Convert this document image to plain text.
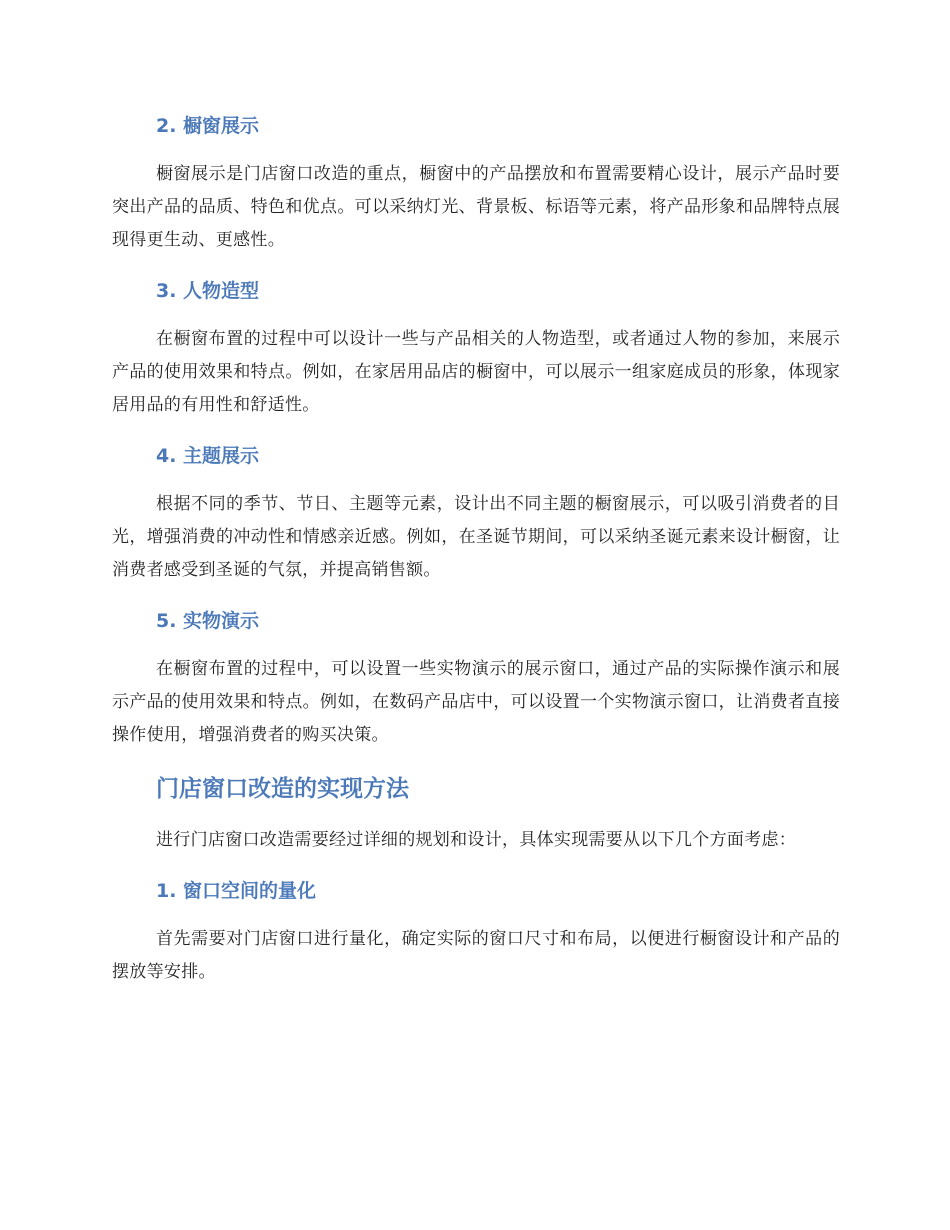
2. 橱窗展示

橱窗展示是门店窗口改造的重点，橱窗中的产品摆放和布置需要精心设计，展示产品时要突出产品的品质、特色和优点。可以采纳灯光、背景板、标语等元素，将产品形象和品牌特点展现得更生动、更感性。

3. 人物造型

在橱窗布置的过程中可以设计一些与产品相关的人物造型，或者通过人物的参加，来展示产品的使用效果和特点。例如，在家居用品店的橱窗中，可以展示一组家庭成员的形象，体现家居用品的有用性和舒适性。

4. 主题展示

根据不同的季节、节日、主题等元素，设计出不同主题的橱窗展示，可以吸引消费者的目光，增强消费的冲动性和情感亲近感。例如，在圣诞节期间，可以采纳圣诞元素来设计橱窗，让消费者感受到圣诞的气氛，并提高销售额。

5. 实物演示

在橱窗布置的过程中，可以设置一些实物演示的展示窗口，通过产品的实际操作演示和展示产品的使用效果和特点。例如，在数码产品店中，可以设置一个实物演示窗口，让消费者直接操作使用，增强消费者的购买决策。

门店窗口改造的实现方法

进行门店窗口改造需要经过详细的规划和设计，具体实现需要从以下几个方面考虑：

1. 窗口空间的量化

首先需要对门店窗口进行量化，确定实际的窗口尺寸和布局，以便进行橱窗设计和产品的摆放等安排。
